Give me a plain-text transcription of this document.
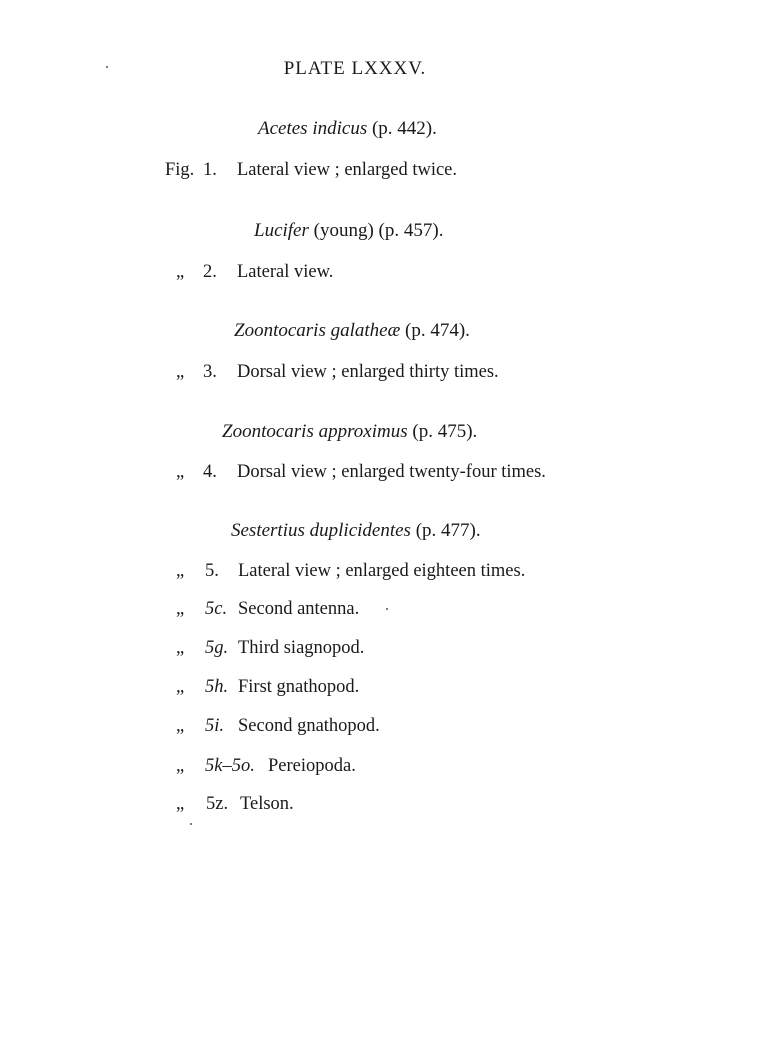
PLATE LXXXV.
Acetes indicus (p. 442).
Fig. 1. Lateral view ; enlarged twice.
Lucifer (young) (p. 457).
„ 2. Lateral view.
Zoontocaris galatheæ (p. 474).
„ 3. Dorsal view ; enlarged thirty times.
Zoontocaris approximus (p. 475).
„ 4. Dorsal view ; enlarged twenty-four times.
Sestertius duplicidentes (p. 477).
„ 5. Lateral view ; enlarged eighteen times.
„ 5c. Second antenna.
„ 5g. Third siagnopod.
„ 5h. First gnathopod.
„ 5i. Second gnathopod.
„ 5k–5o. Pereiopoda.
„ 5z. Telson.
